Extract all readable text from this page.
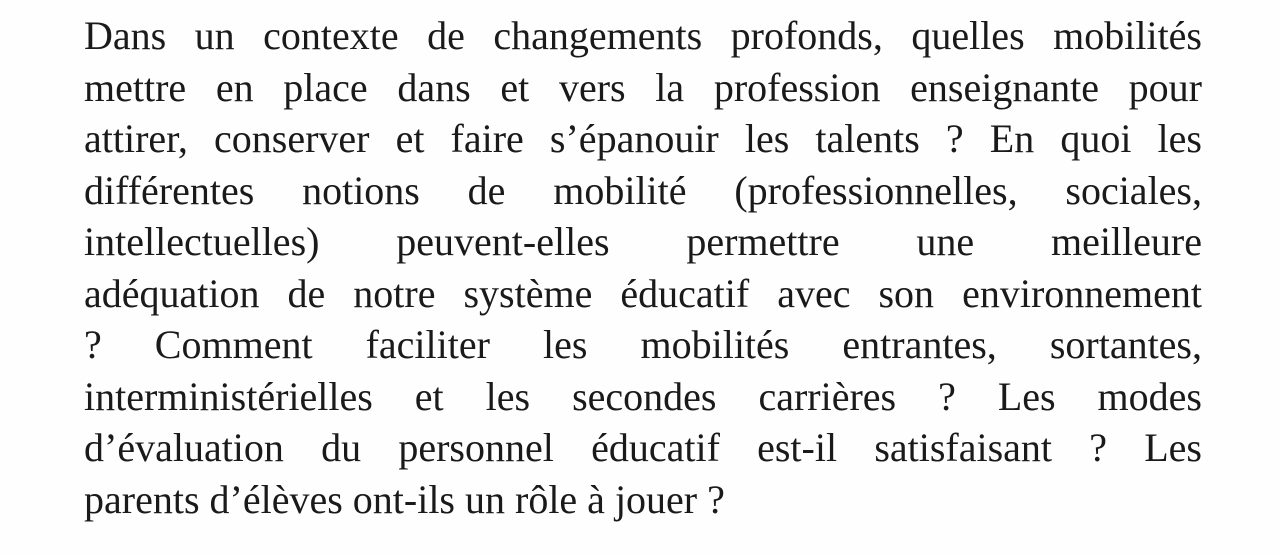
Dans un contexte de changements profonds, quelles mobilités
mettre en place dans et vers la profession enseignante pour
attirer, conserver et faire s’épanouir les talents ? En quoi les
différentes notions de mobilité (professionnelles, sociales,
intellectuelles) peuvent-elles permettre une meilleure
adéquation de notre système éducatif avec son environnement
? Comment faciliter les mobilités entrantes, sortantes,
interministérielles et les secondes carrières ? Les modes
d’évaluation du personnel éducatif est-il satisfaisant ? Les
parents d’élèves ont-ils un rôle à jouer ?
